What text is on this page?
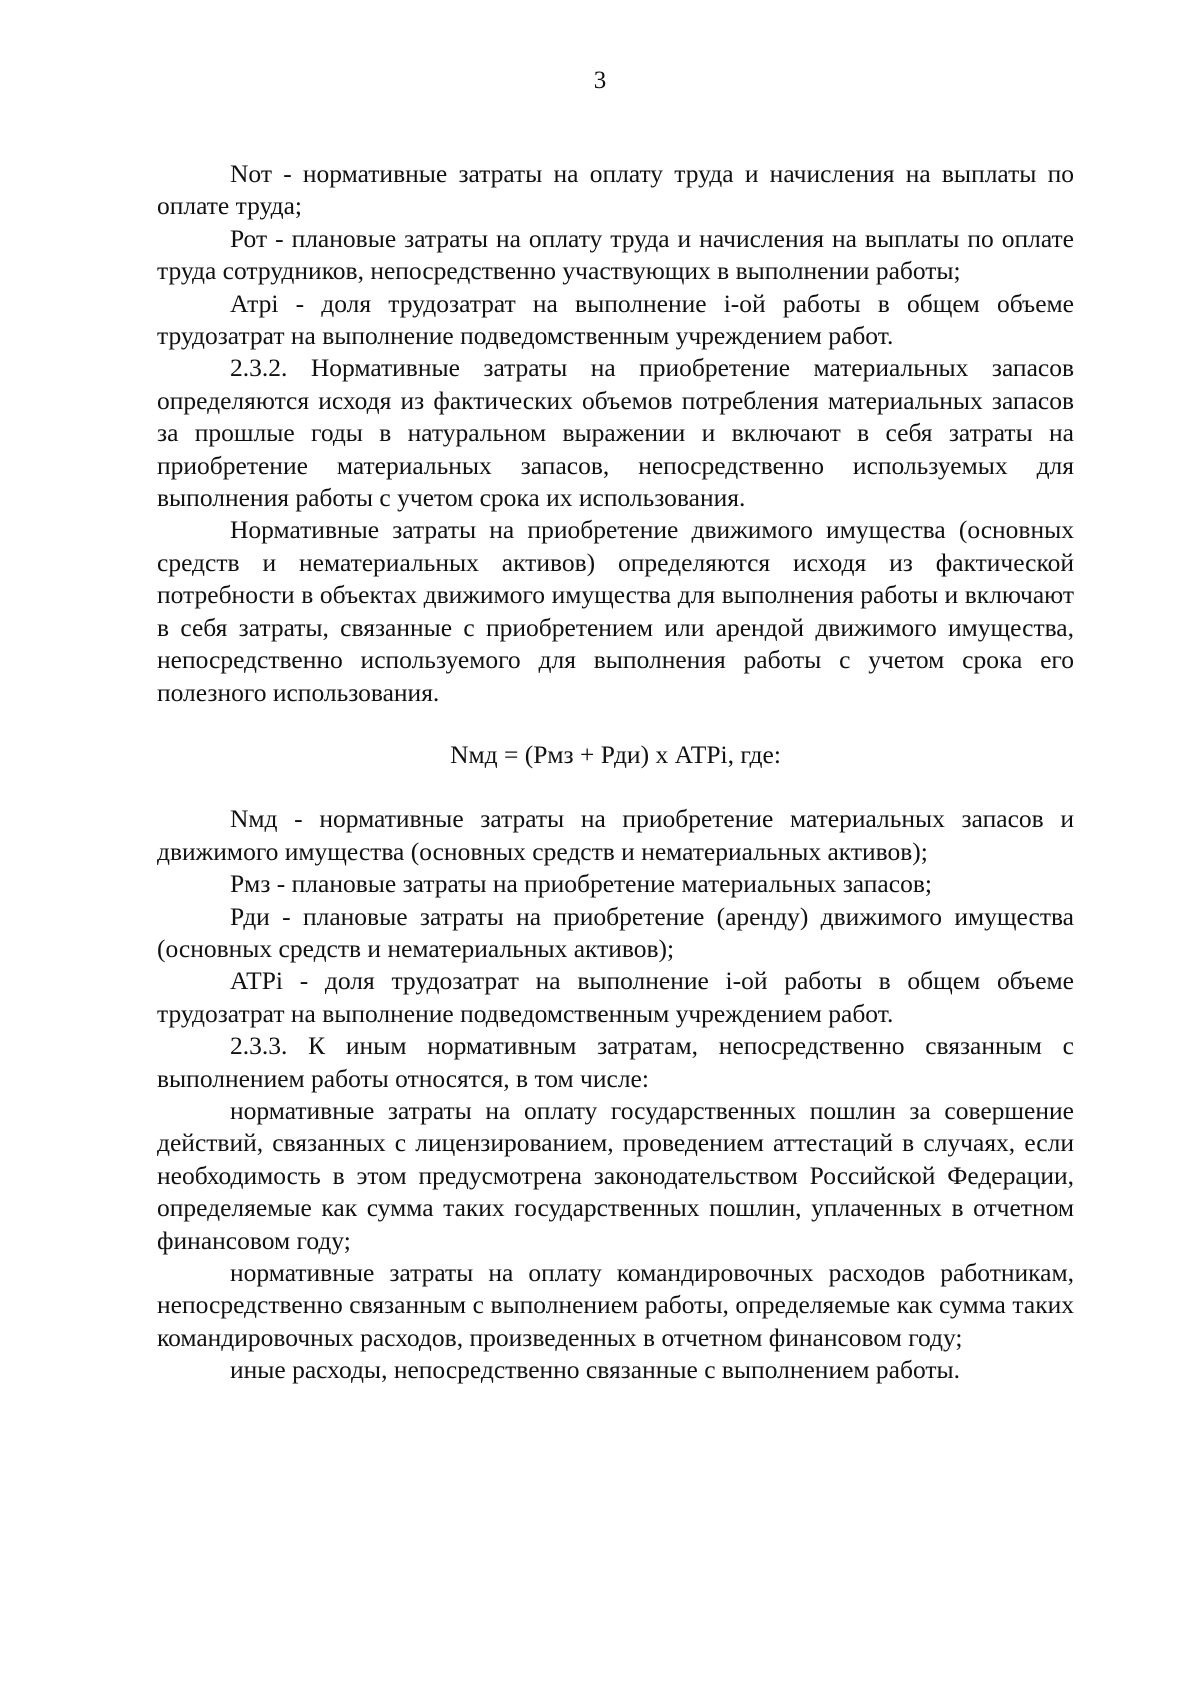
3

Nот - нормативные затраты на оплату труда и начисления на выплаты по оплате труда;

Рот - плановые затраты на оплату труда и начисления на выплаты по оплате труда сотрудников, непосредственно участвующих в выполнении работы;

Атрi - доля трудозатрат на выполнение i-ой работы в общем объеме трудозатрат на выполнение подведомственным учреждением работ.

2.3.2. Нормативные затраты на приобретение материальных запасов определяются исходя из фактических объемов потребления материальных запасов за прошлые годы в натуральном выражении и включают в себя затраты на приобретение материальных запасов, непосредственно используемых для выполнения работы с учетом срока их использования.

Нормативные затраты на приобретение движимого имущества (основных средств и нематериальных активов) определяются исходя из фактической потребности в объектах движимого имущества для выполнения работы и включают в себя затраты, связанные с приобретением или арендой движимого имущества, непосредственно используемого для выполнения работы с учетом срока его полезного использования.

Nмд = (Рмз + Рди) x АТРi, где:

Nмд - нормативные затраты на приобретение материальных запасов и движимого имущества (основных средств и нематериальных активов);

Рмз - плановые затраты на приобретение материальных запасов;

Рди - плановые затраты на приобретение (аренду) движимого имущества (основных средств и нематериальных активов);

АТРi - доля трудозатрат на выполнение i-ой работы в общем объеме трудозатрат на выполнение подведомственным учреждением работ.

2.3.3. К иным нормативным затратам, непосредственно связанным с выполнением работы относятся, в том числе:

нормативные затраты на оплату государственных пошлин за совершение действий, связанных с лицензированием, проведением аттестаций в случаях, если необходимость в этом предусмотрена законодательством Российской Федерации, определяемые как сумма таких государственных пошлин, уплаченных в отчетном финансовом году;

нормативные затраты на оплату командировочных расходов работникам, непосредственно связанным с выполнением работы, определяемые как сумма таких командировочных расходов, произведенных в отчетном финансовом году;

иные расходы, непосредственно связанные с выполнением работы.
